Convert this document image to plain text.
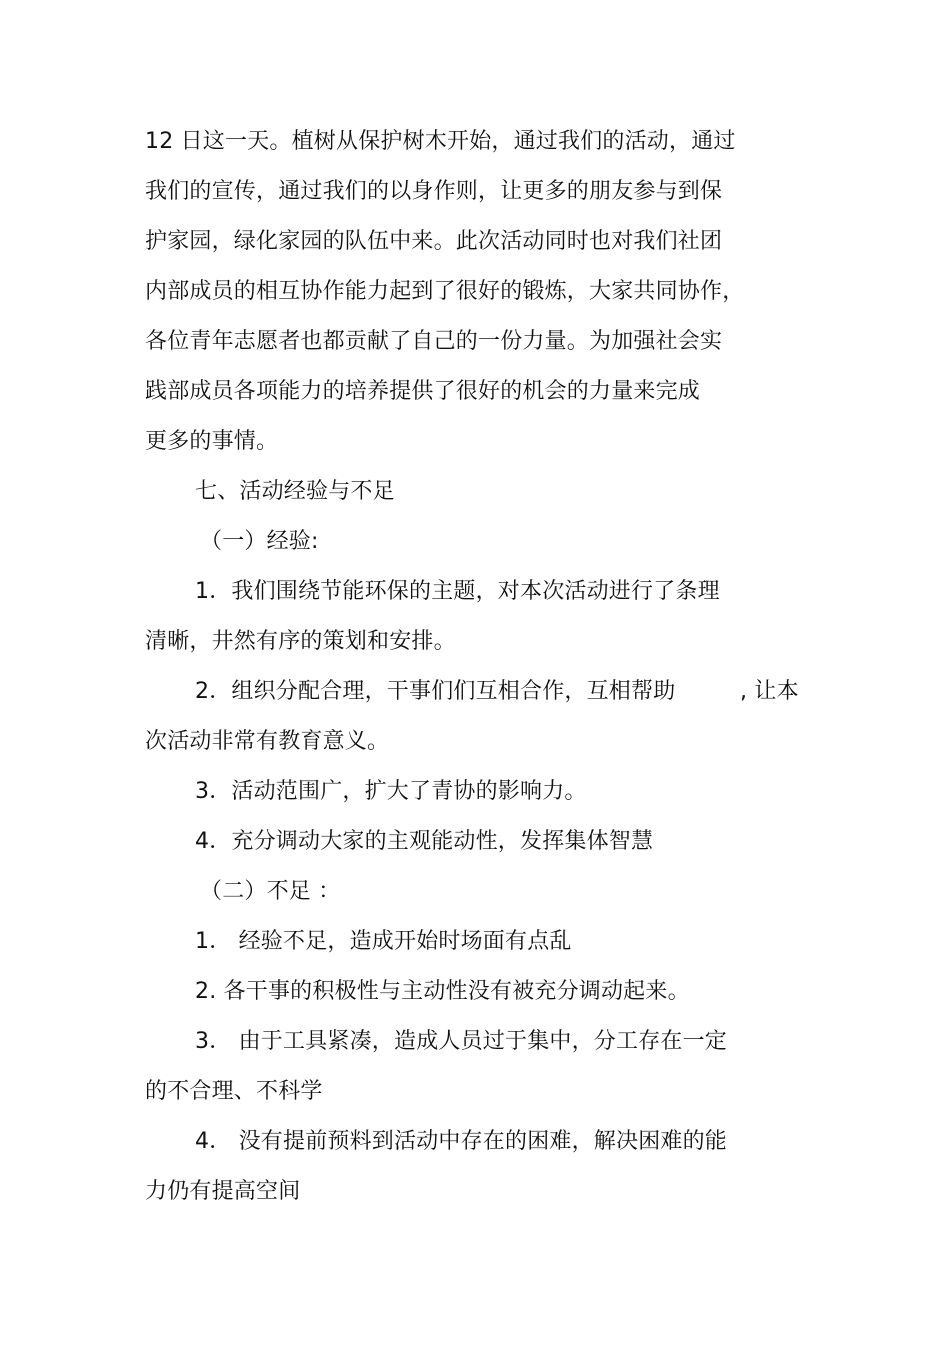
12 日这一天。植树从保护树木开始，通过我们的活动，通过
我们的宣传，通过我们的以身作则，让更多的朋友参与到保
护家园，绿化家园的队伍中来。此次活动同时也对我们社团
内部成员的相互协作能力起到了很好的锻炼，大家共同协作，
各位青年志愿者也都贡献了自己的一份力量。为加强社会实
践部成员各项能力的培养提供了很好的机会的力量来完成
更多的事情。
七、活动经验与不足
（一）经验:
1．我们围绕节能环保的主题，对本次活动进行了条理
清晰，井然有序的策划和安排。
2．组织分配合理，干事们们互相合作，互相帮助	, 让本
次活动非常有教育意义。
3．活动范围广，扩大了青协的影响力。
4．充分调动大家的主观能动性，发挥集体智慧
（二）不足 ：
1． 经验不足，造成开始时场面有点乱
2. 各干事的积极性与主动性没有被充分调动起来。
3． 由于工具紧凑，造成人员过于集中，分工存在一定
的不合理、不科学
4． 没有提前预料到活动中存在的困难，解决困难的能
力仍有提高空间
